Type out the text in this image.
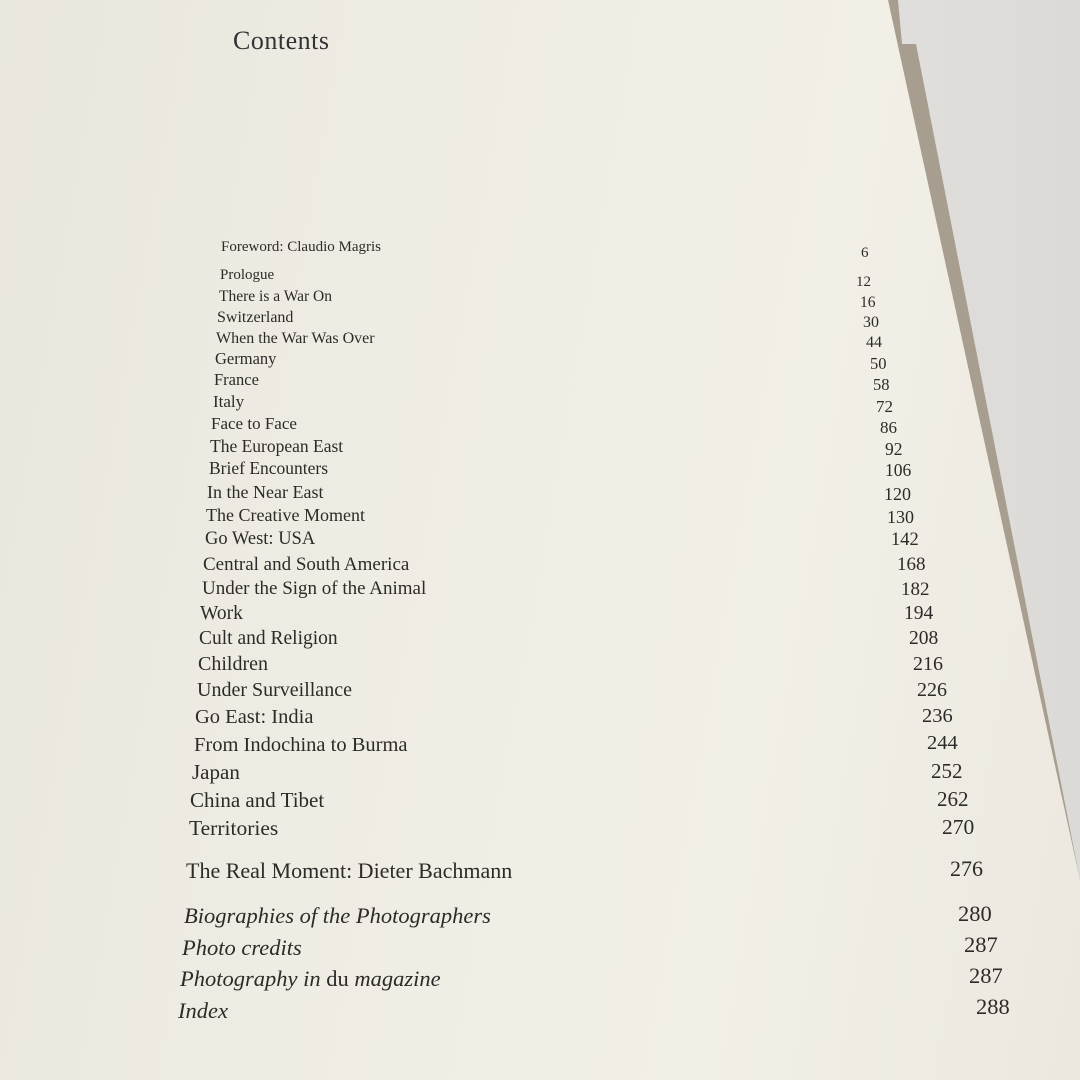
Contents
Foreword: Claudio Magris	6
Prologue	12
There is a War On	16
Switzerland	30
When the War Was Over	44
Germany	50
France	58
Italy	72
Face to Face	86
The European East	92
Brief Encounters	106
In the Near East	120
The Creative Moment	130
Go West: USA	142
Central and South America	168
Under the Sign of the Animal	182
Work	194
Cult and Religion	208
Children	216
Under Surveillance	226
Go East: India	236
From Indochina to Burma	244
Japan	252
China and Tibet	262
Territories	270
The Real Moment: Dieter Bachmann	276
Biographies of the Photographers	280
Photo credits	287
Photography in du magazine	287
Index	288
